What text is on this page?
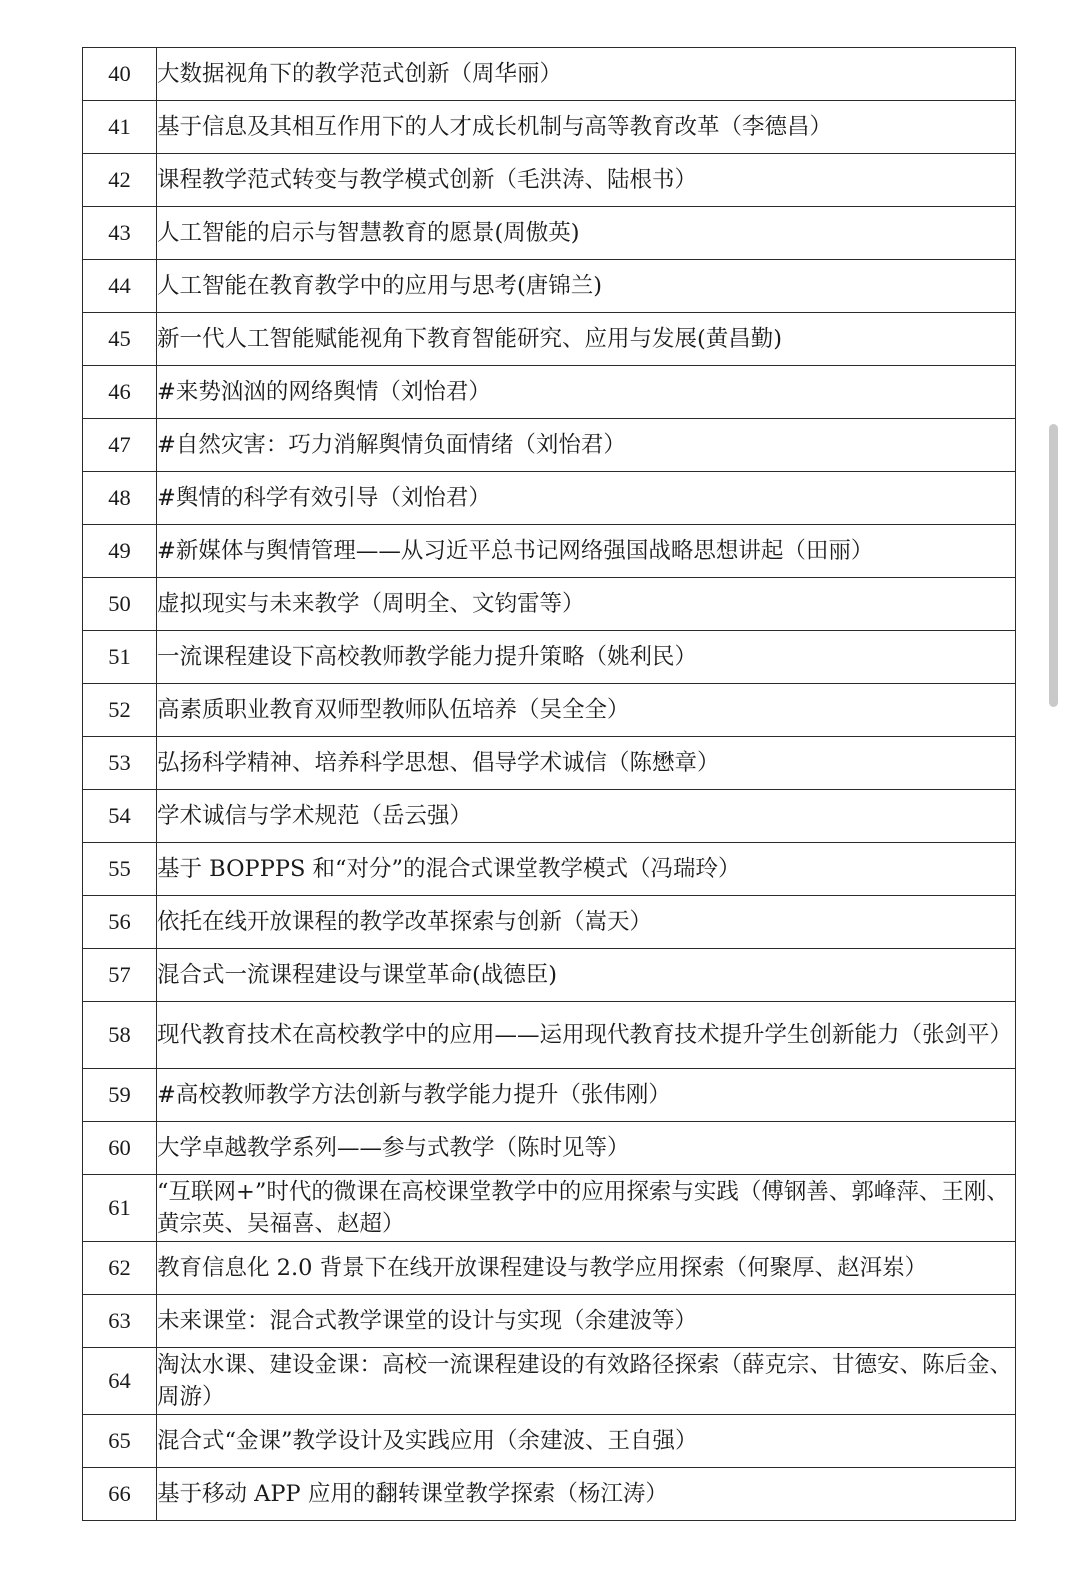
40	大数据视角下的教学范式创新（周华丽）
41	基于信息及其相互作用下的人才成长机制与高等教育改革（李德昌）
42	课程教学范式转变与教学模式创新（毛洪涛、陆根书）
43	人工智能的启示与智慧教育的愿景(周傲英)
44	人工智能在教育教学中的应用与思考(唐锦兰)
45	新一代人工智能赋能视角下教育智能研究、应用与发展(黄昌勤)
46	#来势汹汹的网络舆情（刘怡君）
47	#自然灾害：巧力消解舆情负面情绪（刘怡君）
48	#舆情的科学有效引导（刘怡君）
49	#新媒体与舆情管理——从习近平总书记网络强国战略思想讲起（田丽）
50	虚拟现实与未来教学（周明全、文钧雷等）
51	一流课程建设下高校教师教学能力提升策略（姚利民）
52	高素质职业教育双师型教师队伍培养（吴全全）
53	弘扬科学精神、培养科学思想、倡导学术诚信（陈懋章）
54	学术诚信与学术规范（岳云强）
55	基于 BOPPPS 和“对分”的混合式课堂教学模式（冯瑞玲）
56	依托在线开放课程的教学改革探索与创新（嵩天）
57	混合式一流课程建设与课堂革命(战德臣)
58	现代教育技术在高校教学中的应用——运用现代教育技术提升学生创新能力（张剑平）
59	#高校教师教学方法创新与教学能力提升（张伟刚）
60	大学卓越教学系列——参与式教学（陈时见等）
61	“互联网+”时代的微课在高校课堂教学中的应用探索与实践（傅钢善、郭峰萍、王刚、黄宗英、吴福喜、赵超）
62	教育信息化 2.0 背景下在线开放课程建设与教学应用探索（何聚厚、赵洱岽）
63	未来课堂：混合式教学课堂的设计与实现（余建波等）
64	淘汰水课、建设金课：高校一流课程建设的有效路径探索（薛克宗、甘德安、陈后金、周游）
65	混合式“金课”教学设计及实践应用（余建波、王自强）
66	基于移动 APP 应用的翻转课堂教学探索（杨江涛）
